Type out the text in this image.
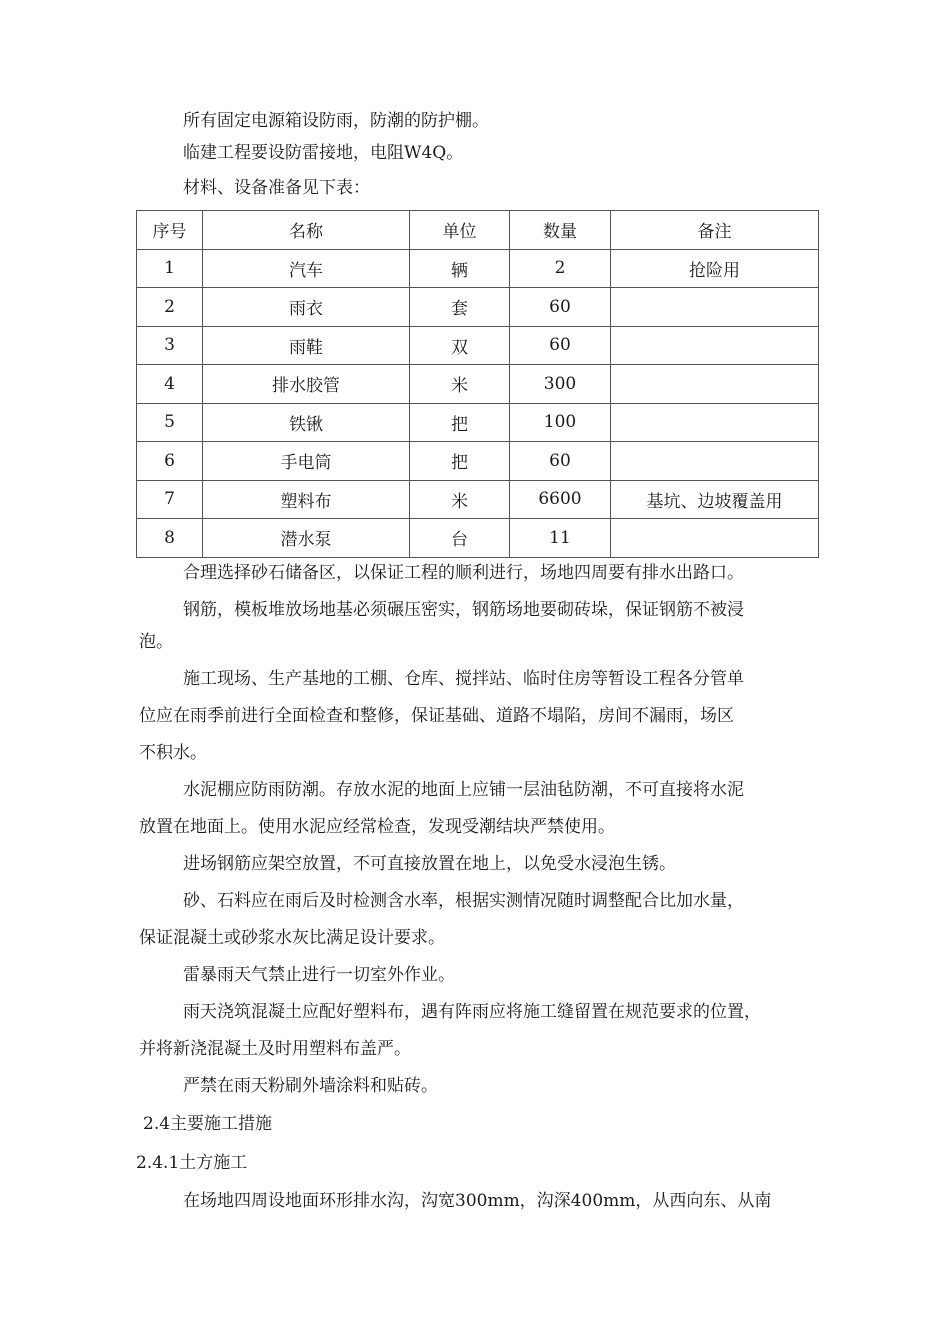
所有固定电源箱设防雨，防潮的防护棚。
临建工程要设防雷接地，电阻W4Q。
材料、设备准备见下表：
序号	名称	单位	数量	备注
1	汽车	辆	2	抢险用
2	雨衣	套	60	
3	雨鞋	双	60	
4	排水胶管	米	300	
5	铁锹	把	100	
6	手电筒	把	60	
7	塑料布	米	6600	基坑、边坡覆盖用
8	潜水泵	台	11	
合理选择砂石储备区，以保证工程的顺利进行，场地四周要有排水出路口。
钢筋，模板堆放场地基必须碾压密实，钢筋场地要砌砖垛，保证钢筋不被浸
泡。
施工现场、生产基地的工棚、仓库、搅拌站、临时住房等暂设工程各分管单
位应在雨季前进行全面检查和整修，保证基础、道路不塌陷，房间不漏雨，场区
不积水。
水泥棚应防雨防潮。存放水泥的地面上应铺一层油毡防潮，不可直接将水泥
放置在地面上。使用水泥应经常检查，发现受潮结块严禁使用。
进场钢筋应架空放置，不可直接放置在地上，以免受水浸泡生锈。
砂、石料应在雨后及时检测含水率，根据实测情况随时调整配合比加水量，
保证混凝土或砂浆水灰比满足设计要求。
雷暴雨天气禁止进行一切室外作业。
雨天浇筑混凝土应配好塑料布，遇有阵雨应将施工缝留置在规范要求的位置，
并将新浇混凝土及时用塑料布盖严。
严禁在雨天粉刷外墙涂料和贴砖。
2.4主要施工措施
2.4.1土方施工
在场地四周设地面环形排水沟，沟宽300mm，沟深400mm，从西向东、从南
